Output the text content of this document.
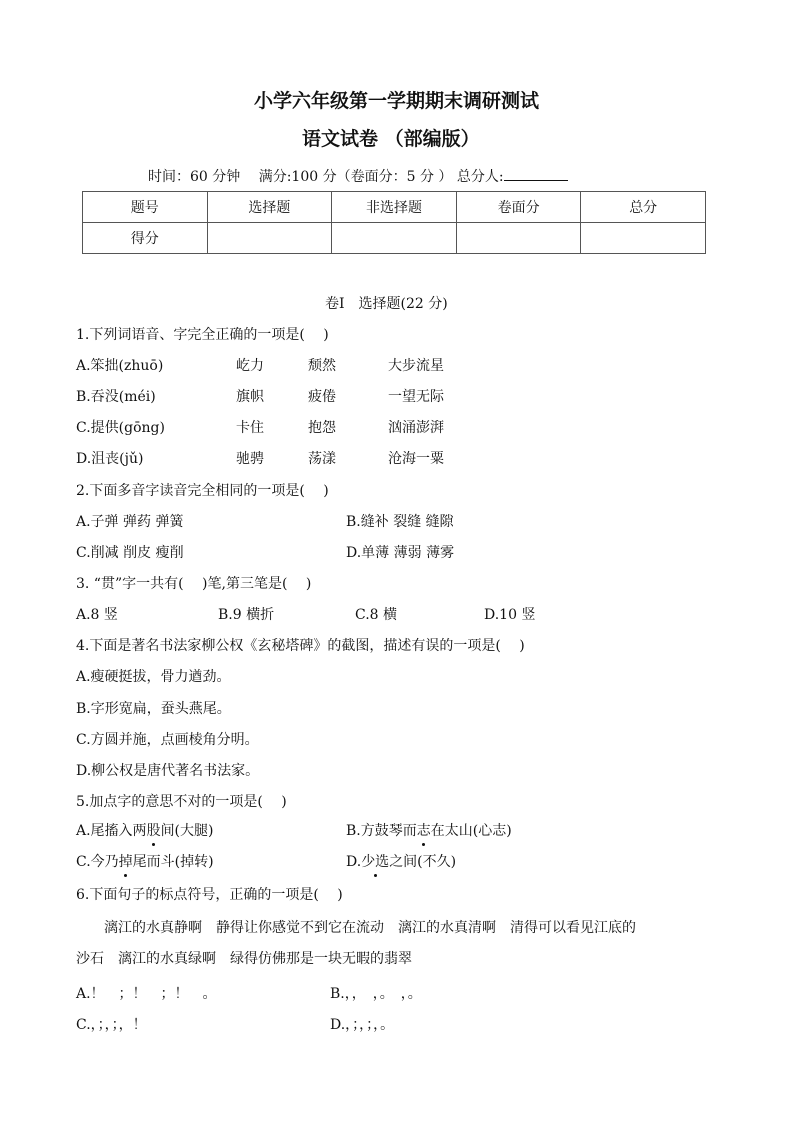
小学六年级第一学期期末调研测试
语文试卷 （部编版）
时间：60 分钟　 满分:100 分（卷面分：5 分 ） 总分人:
题号	选择题	非选择题	卷面分	总分
得分				
卷Ⅰ　选择题(22 分)
1.下列词语音、字完全正确的一项是(　 )
A.笨拙(zhuō)	屹力	颓然	大步流星
B.吞没(méi)	旗帜	疲倦	一望无际
C.提供(gōng)	卡住	抱怨	汹涌澎湃
D.沮丧(jǔ)	驰骋	荡漾	沧海一粟
2.下面多音字读音完全相同的一项是(　 )
A.子弹 弹药 弹簧	B.缝补 裂缝 缝隙
C.削减 削皮 瘦削	D.单薄 薄弱 薄雾
3. “贯”字一共有(　 )笔,第三笔是(　 )
A.8 竖	B.9 横折	C.8 横	D.10 竖
4.下面是著名书法家柳公权《玄秘塔碑》的截图，描述有误的一项是(　 )
A.瘦硬挺拔，骨力遒劲。
B.字形宽扁，蚕头燕尾。
C.方圆并施，点画棱角分明。
D.柳公权是唐代著名书法家。
5.加点字的意思不对的一项是(　 )
A.尾搐入两股间(大腿)	B.方鼓琴而志在太山(心志)
C.今乃掉尾而斗(掉转)	D.少选之间(不久)
6.下面句子的标点符号，正确的一项是(　 )
漓江的水真静啊　静得让你感觉不到它在流动　漓江的水真清啊　清得可以看见江底的
沙石　漓江的水真绿啊　绿得仿佛那是一块无暇的翡翠
A.！　；！　；！　。	B.，，　，。　，。
C.，；，；，！	D.，；，；，。
